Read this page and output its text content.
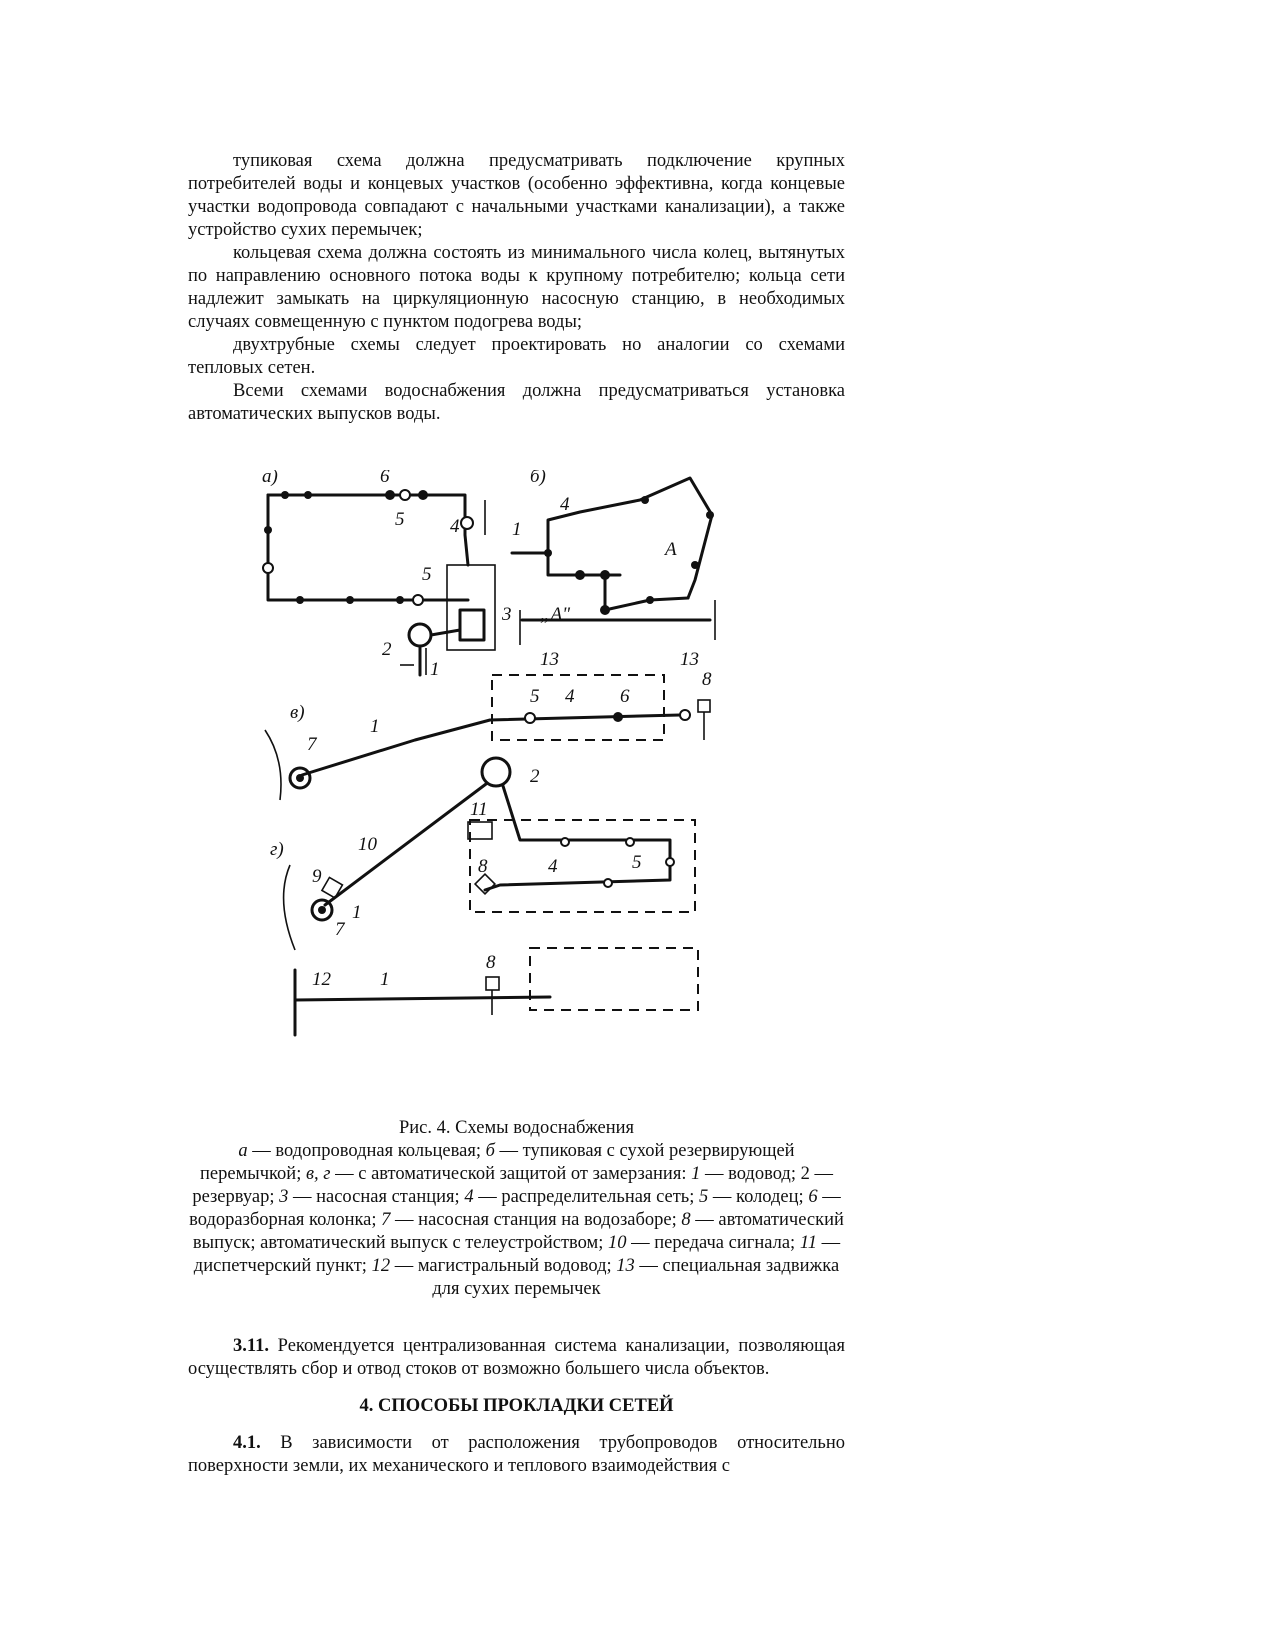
тупиковая схема должна предусматривать подключение крупных потребителей воды и концевых участков (особенно эффективна, когда концевые участки водопровода совпадают с начальными участками канализации), а также устройство сухих перемычек;

кольцевая схема должна состоять из минимального числа колец, вытянутых по направлению основного потока воды к крупному потребителю; кольца сети надлежит замыкать на циркуляционную насосную станцию, в необходимых случаях совмещенную с пунктом подогрева воды;

двухтрубные схемы следует проектировать но аналогии со схемами тепловых сетен.

Всеми схемами водоснабжения должна предусматриваться установка автоматических выпусков воды.

а)	6
5 4
5
3
2
1
б)
4
1
А
„А"
13	13
в)
1
7
5 4 6
8
г)	10
11
2
9
7
1
8	4	5
12	1
8
Рис. 4. Схемы водоснабжения
а — водопроводная кольцевая; б — тупиковая с сухой резервирующей перемычкой; в, г — с автоматической защитой от замерзания: 1 — водовод; 2 — резервуар; 3 — насосная станция; 4 — распределительная сеть; 5 — колодец; 6 — водоразборная колонка; 7 — насосная станция на водозаборе; 8 — автоматический выпуск; автоматический выпуск с телеустройством; 10 — передача сигнала; 11 — диспетчерский пункт; 12 — магистральный водовод; 13 — специальная задвижка для сухих перемычек

3.11. Рекомендуется централизованная система канализации, позволяющая осуществлять сбор и отвод стоков от возможно большего числа объектов.

4. СПОСОБЫ ПРОКЛАДКИ СЕТЕЙ

4.1. В зависимости от расположения трубопроводов относительно поверхности земли, их механического и теплового взаимодействия с
